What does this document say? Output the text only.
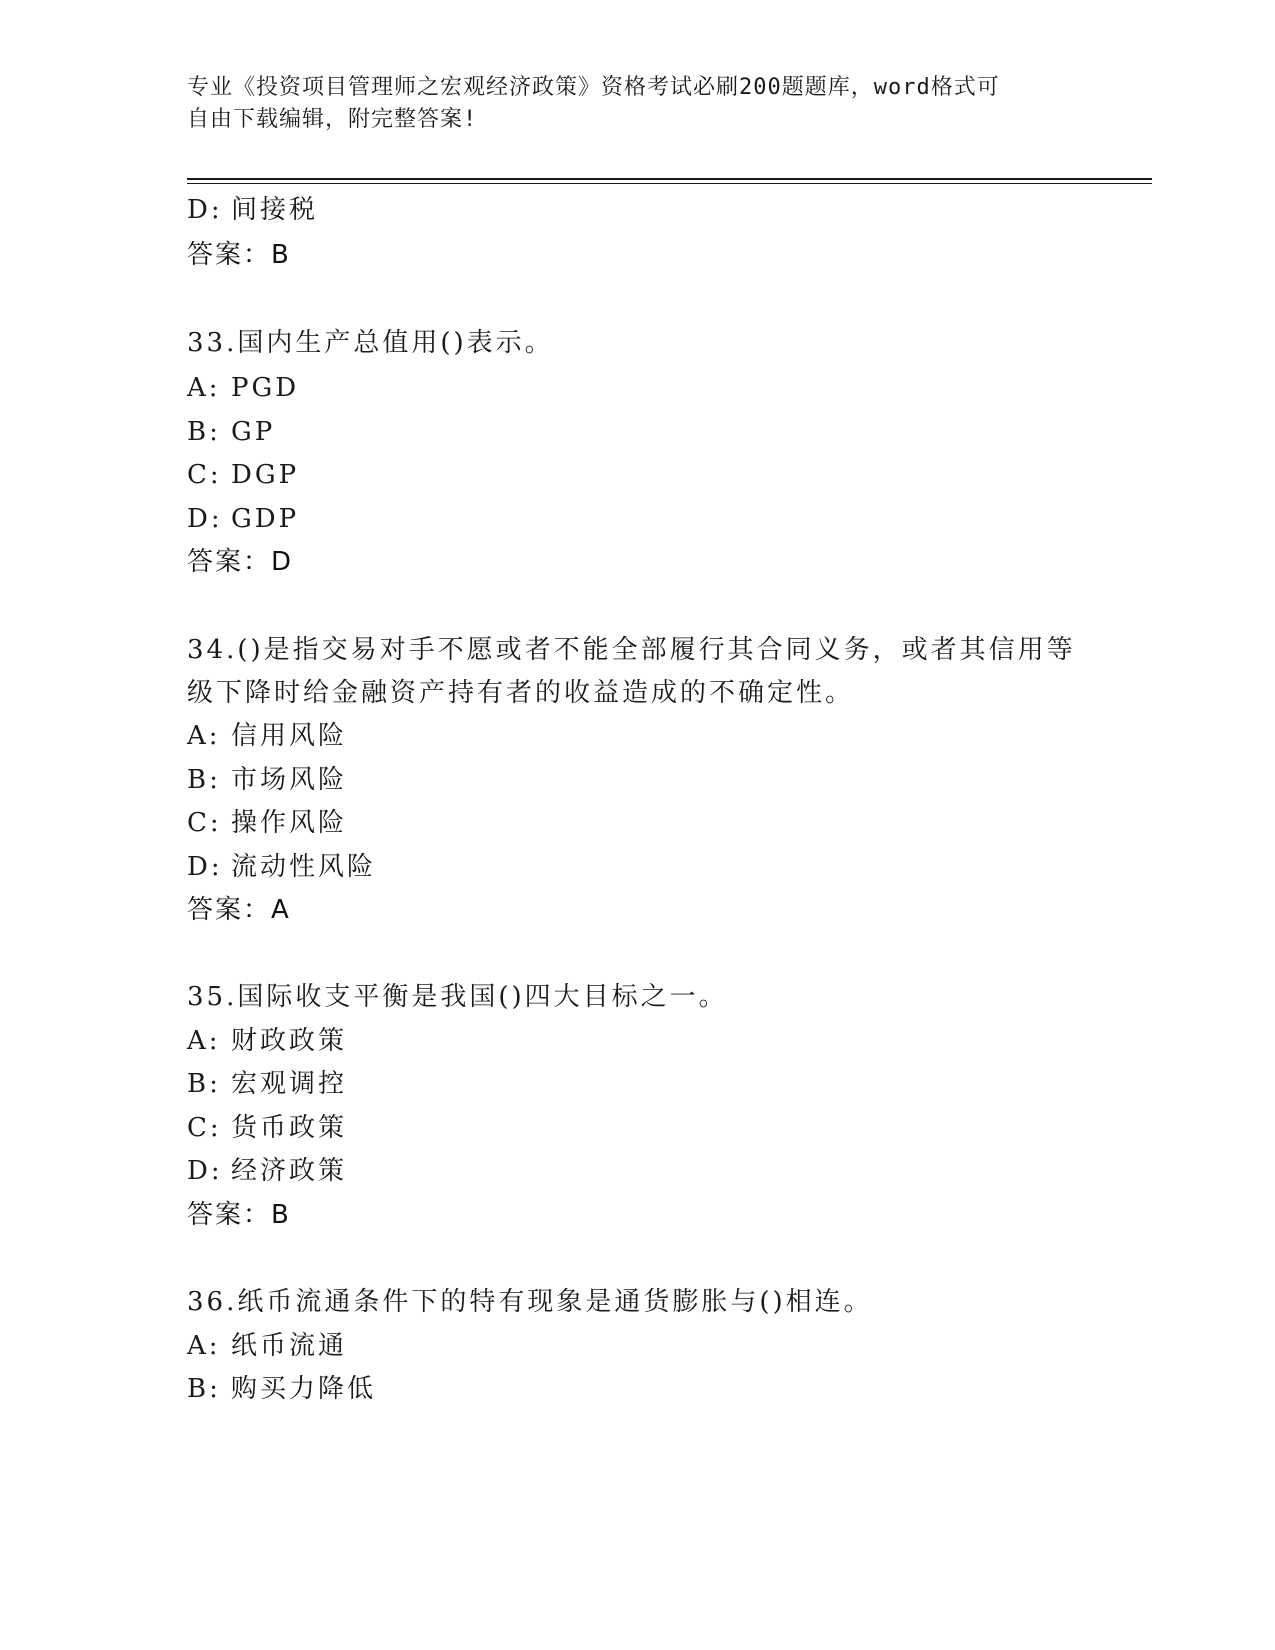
专业《投资项目管理师之宏观经济政策》资格考试必刷200题题库，word格式可
自由下载编辑，附完整答案!
D: 间接税
答案：B
33.国内生产总值用()表示。
A: PGD
B: GP
C: DGP
D: GDP
答案：D
34.()是指交易对手不愿或者不能全部履行其合同义务，或者其信用等
级下降时给金融资产持有者的收益造成的不确定性。
A: 信用风险
B: 市场风险
C: 操作风险
D: 流动性风险
答案：A
35.国际收支平衡是我国()四大目标之一。
A: 财政政策
B: 宏观调控
C: 货币政策
D: 经济政策
答案：B
36.纸币流通条件下的特有现象是通货膨胀与()相连。
A: 纸币流通
B: 购买力降低
